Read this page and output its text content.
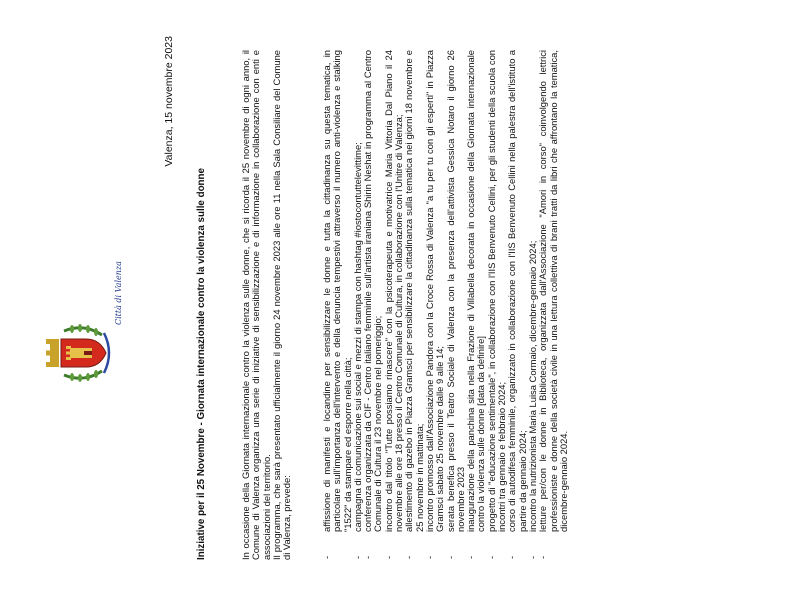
Città di Valenza
Valenza, 15 novembre 2023
Iniziative per il 25 Novembre - Giornata internazionale contro la violenza sulle donne	In occasione della Giornata internazionale contro la violenza sulle donne, che si ricorda il 25 novembre di ogni anno, il Comune di Valenza organizza una serie di iniziative di sensibilizzazione e di informazione in collaborazione con enti e associazioni del territorio. Il programma, che sarà presentato ufficialmente il giorno 24 novembre 2023 alle ore 11 nella Sala Consiliare del Comune di Valenza, prevede:	-
affissione di manifesti e locandine per sensibilizzare le donne e tutta la cittadinanza su questa tematica, in particolare sull'importanza dell'intervento e della denuncia tempestivi attraverso il numero anti-violenza e stalking "1522" da stampare ed esporre nella città;
-
campagna di comunicazione sui social e mezzi di stampa con hashtag #iostocontuttelevittime;
-
conferenza organizzata da CIF - Centro italiano femminile sull'artista iraniana Shirin Neshat in programma al Centro Comunale di Cultura il 23 novembre nel pomeriggio;
-
incontro dal titolo "Tutte possiamo rinascere" con la psicoterapeuta e motivatrice Maria Vittoria Dal Piano il 24 novembre alle ore 18 presso il Centro Comunale di Cultura, in collaborazione con l'Unitre di Valenza;
-
allestimento di gazebo in Piazza Gramsci per sensibilizzare la cittadinanza sulla tematica nei giorni 18 novembre e 25 novembre in mattinata;
-
incontro promosso dall'Associazione Pandora con la Croce Rossa di Valenza "a tu per tu con gli esperti" in Piazza Gramsci sabato 25 novembre dalle 9 alle 14;
-
serata benefica presso il Teatro Sociale di Valenza con la presenza dell'attivista Gessica Notaro il giorno 26 novembre 2023
-
inaugurazione della panchina sita nella Frazione di Villabella decorata in occasione della Giornata internazionale contro la violenza sulle donne [data da definire]
-
progetto di "educazione sentimentale", in collaborazione con l'IIS Benvenuto Cellini, per gli studenti della scuola con incontri tra gennaio e febbraio 2024;
-
corso di autodifesa femminile, organizzato in collaborazione con l'IIS Benvenuto Cellini nella palestra dell'istituto a partire da gennaio 2024;
-
incontro la nutrizionista Maria Luisa Cormaio, dicembre-gennaio 2024;
-
letture per/con le donne in Biblioteca, organizzata dall'Associazione "Amori in corso" coinvolgendo lettrici professioniste e donne della società civile in una lettura collettiva di brani tratti da libri che affrontano la tematica, dicembre-gennaio 2024.
